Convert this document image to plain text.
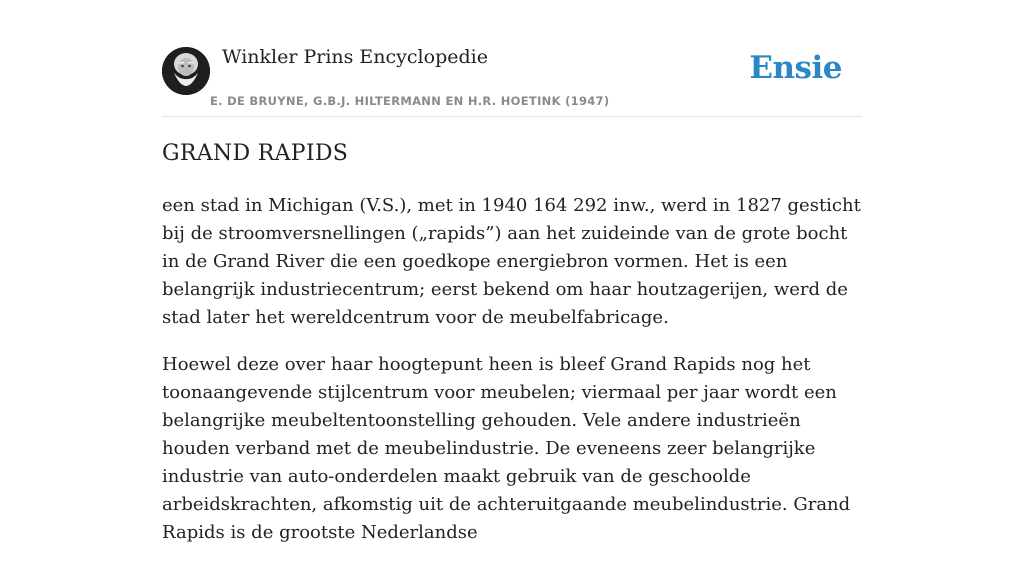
Winkler Prins Encyclopedie
E. DE BRUYNE, G.B.J. HILTERMANN EN H.R. HOETINK (1947)
Ensie
GRAND RAPIDS

een stad in Michigan (V.S.), met in 1940 164 292 inw., werd in 1827 gesticht bij de stroomversnellingen („rapids”) aan het zuideinde van de grote bocht in de Grand River die een goedkope energiebron vormen. Het is een belangrijk industriecentrum; eerst bekend om haar houtzagerijen, werd de stad later het wereldcentrum voor de meubelfabricage.

Hoewel deze over haar hoogtepunt heen is bleef Grand Rapids nog het toonaangevende stijlcentrum voor meubelen; viermaal per jaar wordt een belangrijke meubeltentoonstelling gehouden. Vele andere industrieën houden verband met de meubelindustrie. De eveneens zeer belangrijke industrie van auto-onderdelen maakt gebruik van de geschoolde arbeidskrachten, afkomstig uit de achteruitgaande meubelindustrie. Grand Rapids is de grootste Nederlandse
